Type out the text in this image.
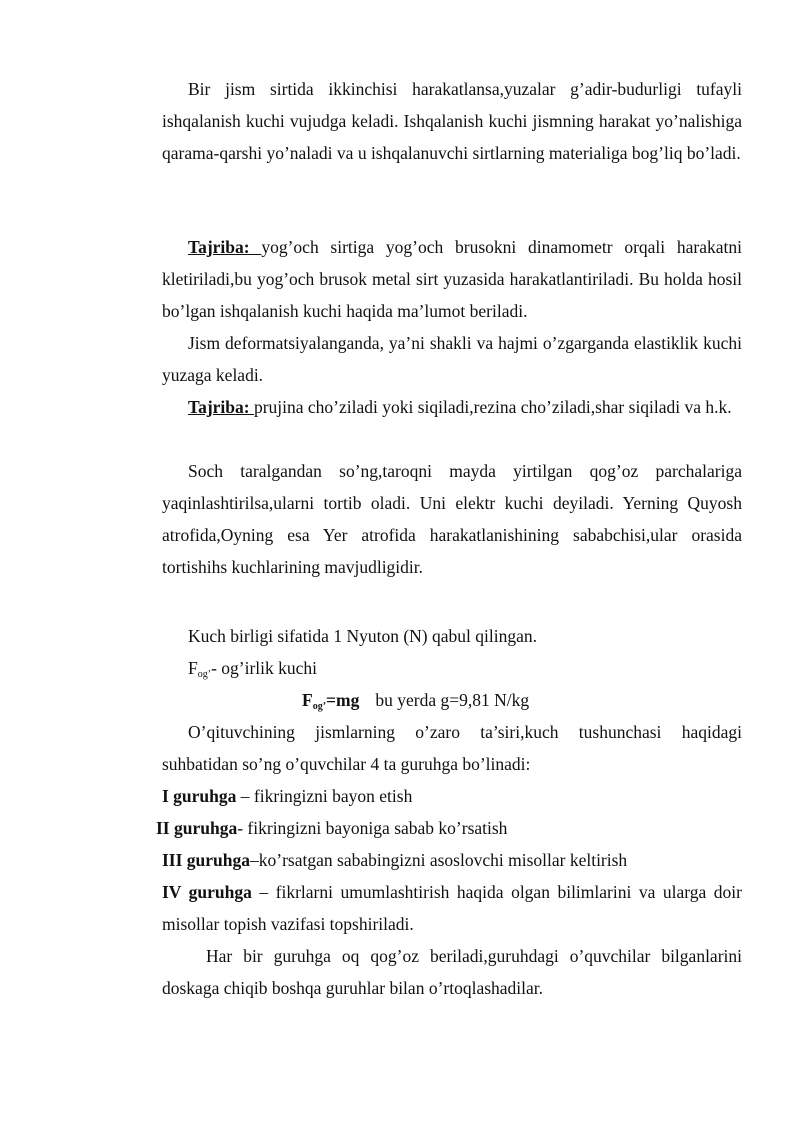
Bir jism sirtida ikkinchisi harakatlansa,yuzalar g’adir-budurligi tufayli ishqalanish kuchi vujudga keladi. Ishqalanish kuchi jismning harakat yo’nalishiga qarama-qarshi yo’naladi va u ishqalanuvchi sirtlarning materialiga bog’liq bo’ladi.

Tajriba: yog’och sirtiga yog’och brusokni dinamometr orqali harakatni kletiriladi,bu yog’och brusok metal sirt yuzasida harakatlantiriladi. Bu holda hosil bo’lgan ishqalanish kuchi haqida ma’lumot beriladi.

Jism deformatsiyalanganda, ya’ni shakli va hajmi o’zgarganda elastiklik kuchi yuzaga keladi.

Tajriba: prujina cho’ziladi yoki siqiladi,rezina cho’ziladi,shar siqiladi va h.k.

Soch taralgandan so’ng,taroqni mayda yirtilgan qog’oz parchalariga yaqinlashtirilsa,ularni tortib oladi. Uni elektr kuchi deyiladi. Yerning Quyosh atrofida,Oyning esa Yer atrofida harakatlanishining sababchisi,ular orasida tortishihs kuchlarining mavjudligidir.

Kuch birligi sifatida 1 Nyuton (N) qabul qilingan.
$F_{og’}-$ og’irlik kuchi
$F_{og’}=mg$ bu yerda g=9,81 N/kg

O’qituvchining jismlarning o’zaro ta’siri,kuch tushunchasi haqidagi suhbatidan so’ng o’quvchilar 4 ta guruhga bo’linadi:

I guruhga – fikringizni bayon etish
II guruhga- fikringizni bayoniga sabab ko’rsatish
III guruhga–ko’rsatgan sababingizni asoslovchi misollar keltirish

IV guruhga – fikrlarni umumlashtirish haqida olgan bilimlarini va ularga doir misollar topish vazifasi topshiriladi.

Har bir guruhga oq qog’oz beriladi,guruhdagi o’quvchilar bilganlarini doskaga chiqib boshqa guruhlar bilan o’rtoqlashadilar.
